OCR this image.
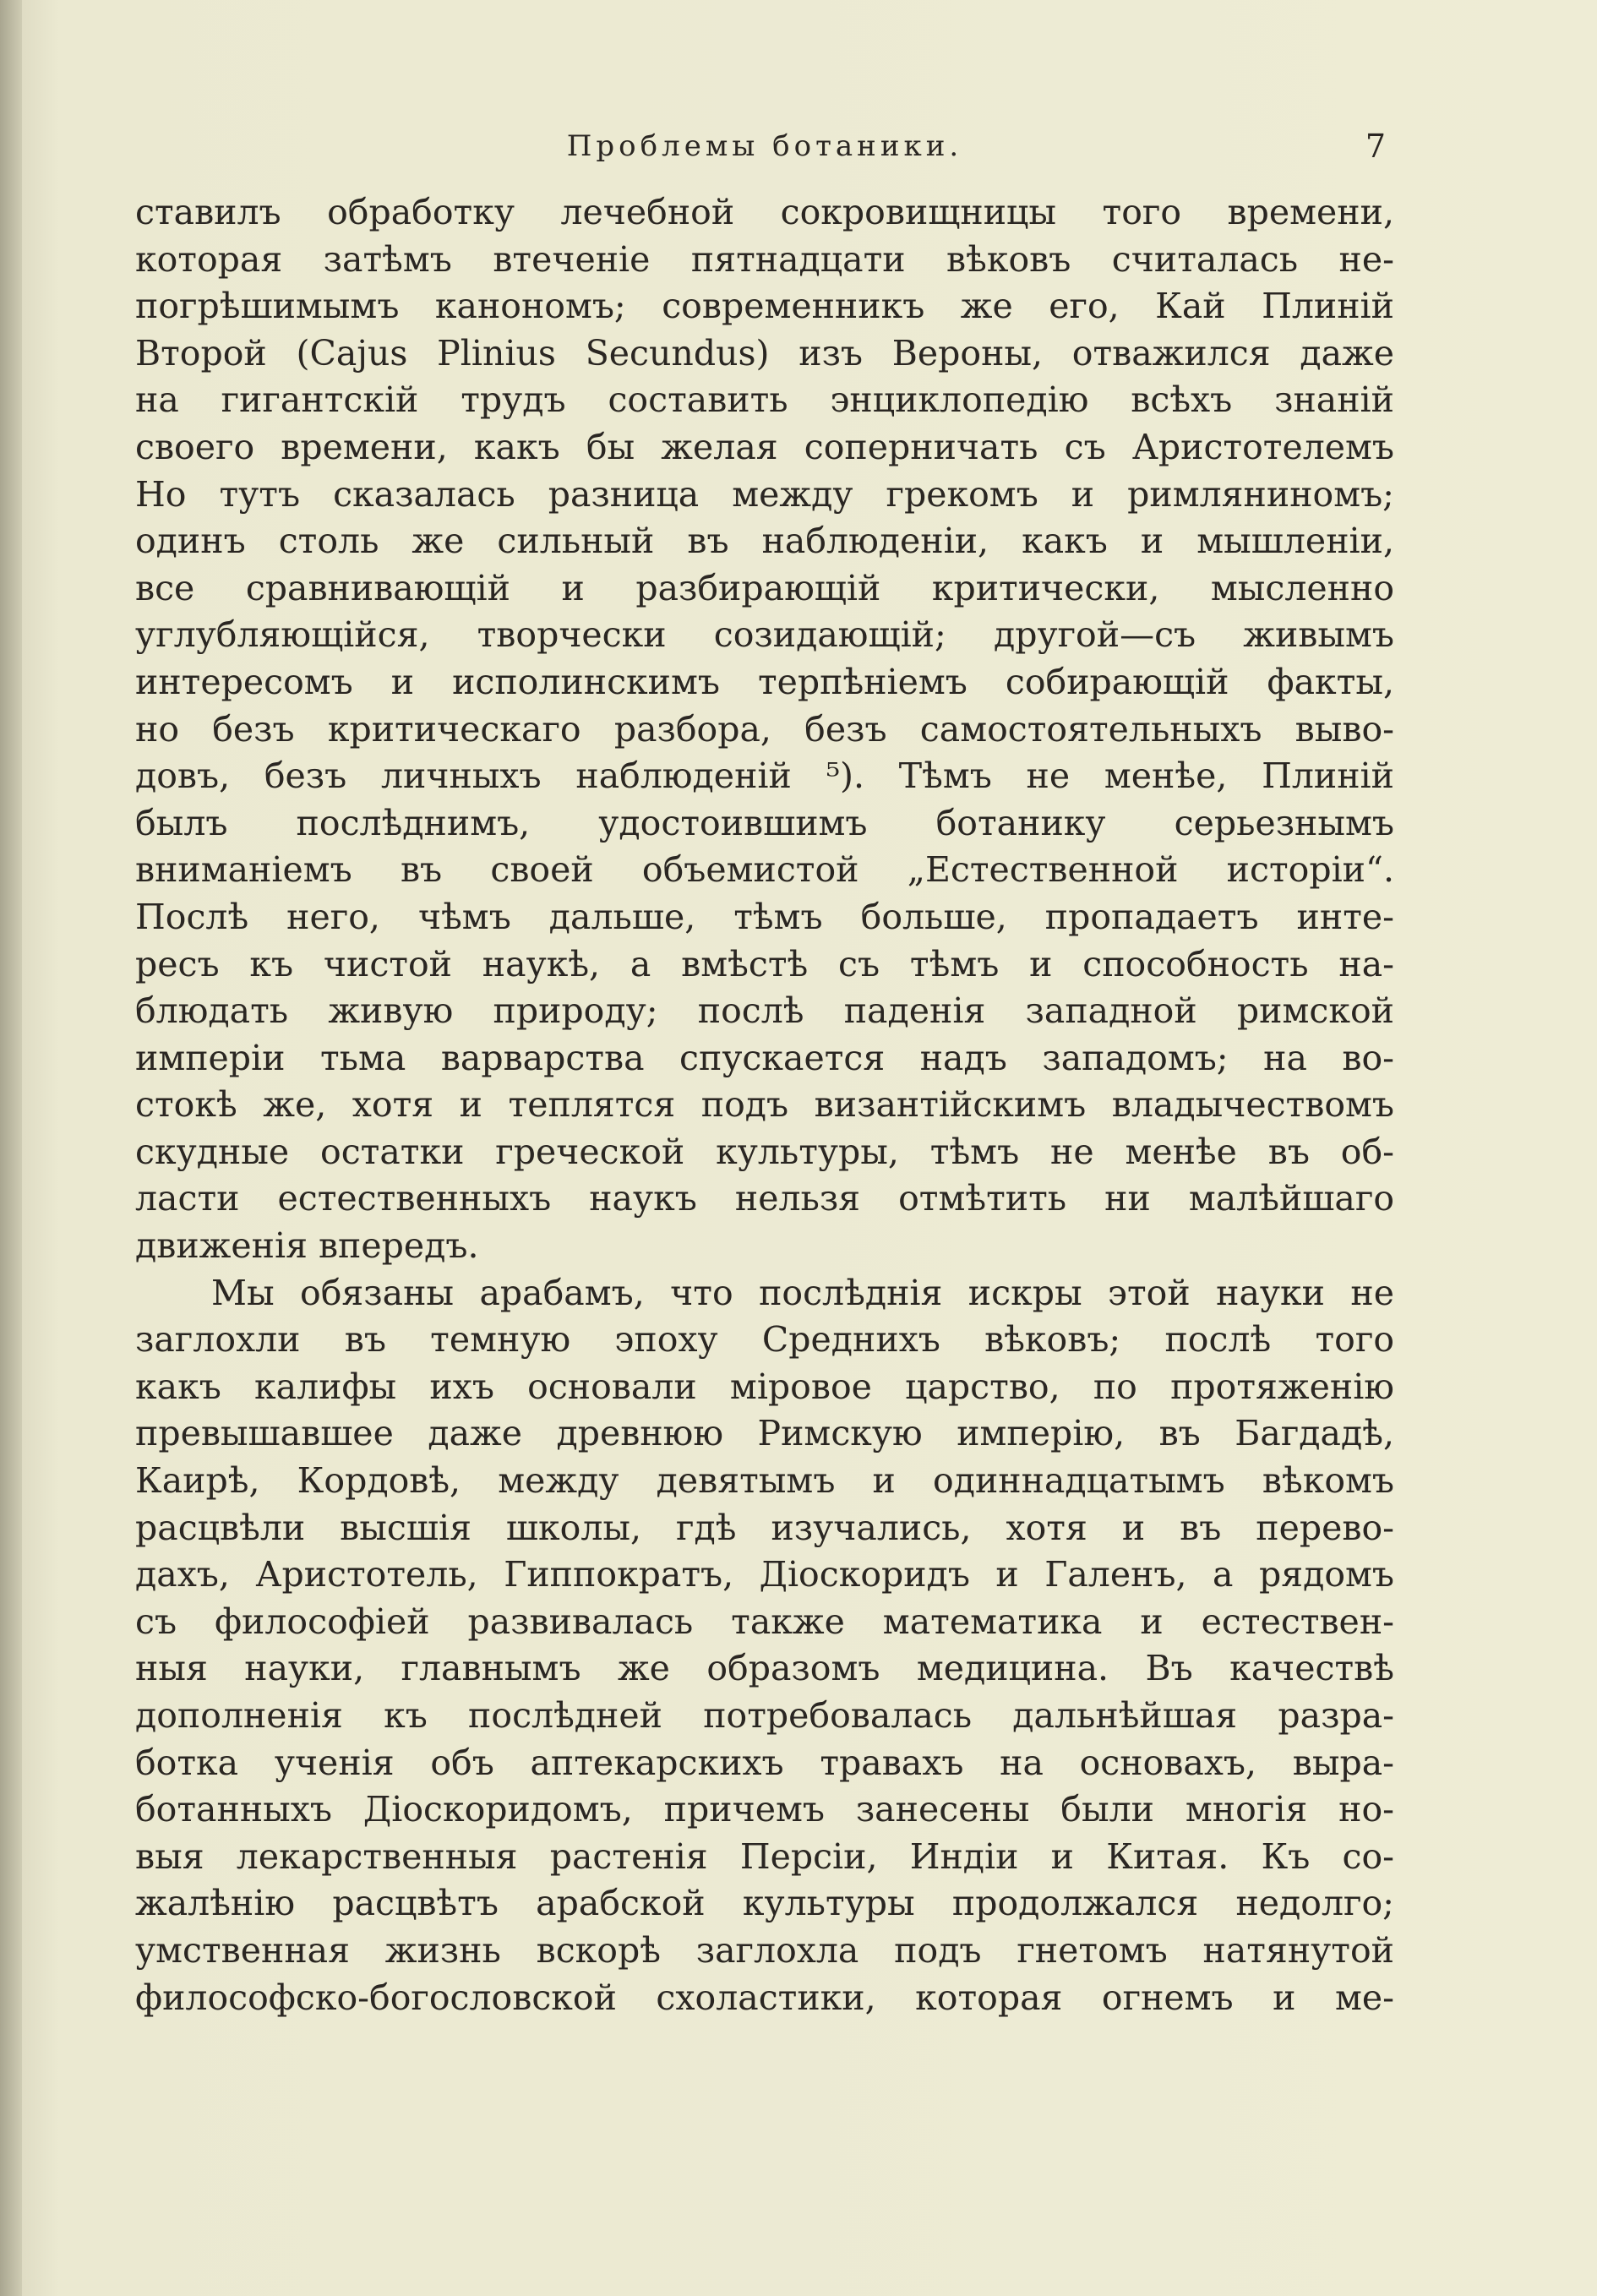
Проблемы ботаники.	7
ставилъ обработку лечебной сокровищницы того времени,
которая затѣмъ втеченіе пятнадцати вѣковъ считалась не-
погрѣшимымъ канономъ; современникъ же его, Кай Плиній
Второй (Cajus Plinius Secundus) изъ Вероны, отважился даже
на гигантскій трудъ составить энциклопедію всѣхъ знаній
своего времени, какъ бы желая соперничать съ Аристотелемъ
Но тутъ сказалась разница между грекомъ и римляниномъ;
одинъ столь же сильный въ наблюденіи, какъ и мышленіи,
все сравнивающій и разбирающій критически, мысленно
углубляющійся, творчески созидающій; другой—съ живымъ
интересомъ и исполинскимъ терпѣніемъ собирающій факты,
но безъ критическаго разбора, безъ самостоятельныхъ выво-
довъ, безъ личныхъ наблюденій ⁵). Тѣмъ не менѣе, Плиній
былъ послѣднимъ, удостоившимъ ботанику серьезнымъ
вниманіемъ въ своей объемистой „Естественной исторіи“.
Послѣ него, чѣмъ дальше, тѣмъ больше, пропадаетъ инте-
ресъ къ чистой наукѣ, а вмѣстѣ съ тѣмъ и способность на-
блюдать живую природу; послѣ паденія западной римской
имперіи тьма варварства спускается надъ западомъ; на во-
стокѣ же, хотя и теплятся подъ византійскимъ владычествомъ
скудные остатки греческой культуры, тѣмъ не менѣе въ об-
ласти естественныхъ наукъ нельзя отмѣтить ни малѣйшаго
движенія впередъ.
Мы обязаны арабамъ, что послѣднія искры этой науки не
заглохли въ темную эпоху Среднихъ вѣковъ; послѣ того
какъ калифы ихъ основали міровое царство, по протяженію
превышавшее даже древнюю Римскую имперію, въ Багдадѣ,
Каирѣ, Кордовѣ, между девятымъ и одиннадцатымъ вѣкомъ
расцвѣли высшія школы, гдѣ изучались, хотя и въ перево-
дахъ, Аристотель, Гиппократъ, Діоскоридъ и Галенъ, а рядомъ
съ философіей развивалась также математика и естествен-
ныя науки, главнымъ же образомъ медицина. Въ качествѣ
дополненія къ послѣдней потребовалась дальнѣйшая разра-
ботка ученія объ аптекарскихъ травахъ на основахъ, выра-
ботанныхъ Діоскоридомъ, причемъ занесены были многія но-
выя лекарственныя растенія Персіи, Индіи и Китая. Къ со-
жалѣнію расцвѣтъ арабской культуры продолжался недолго;
умственная жизнь вскорѣ заглохла подъ гнетомъ натянутой
философско-богословской схоластики, которая огнемъ и ме-
